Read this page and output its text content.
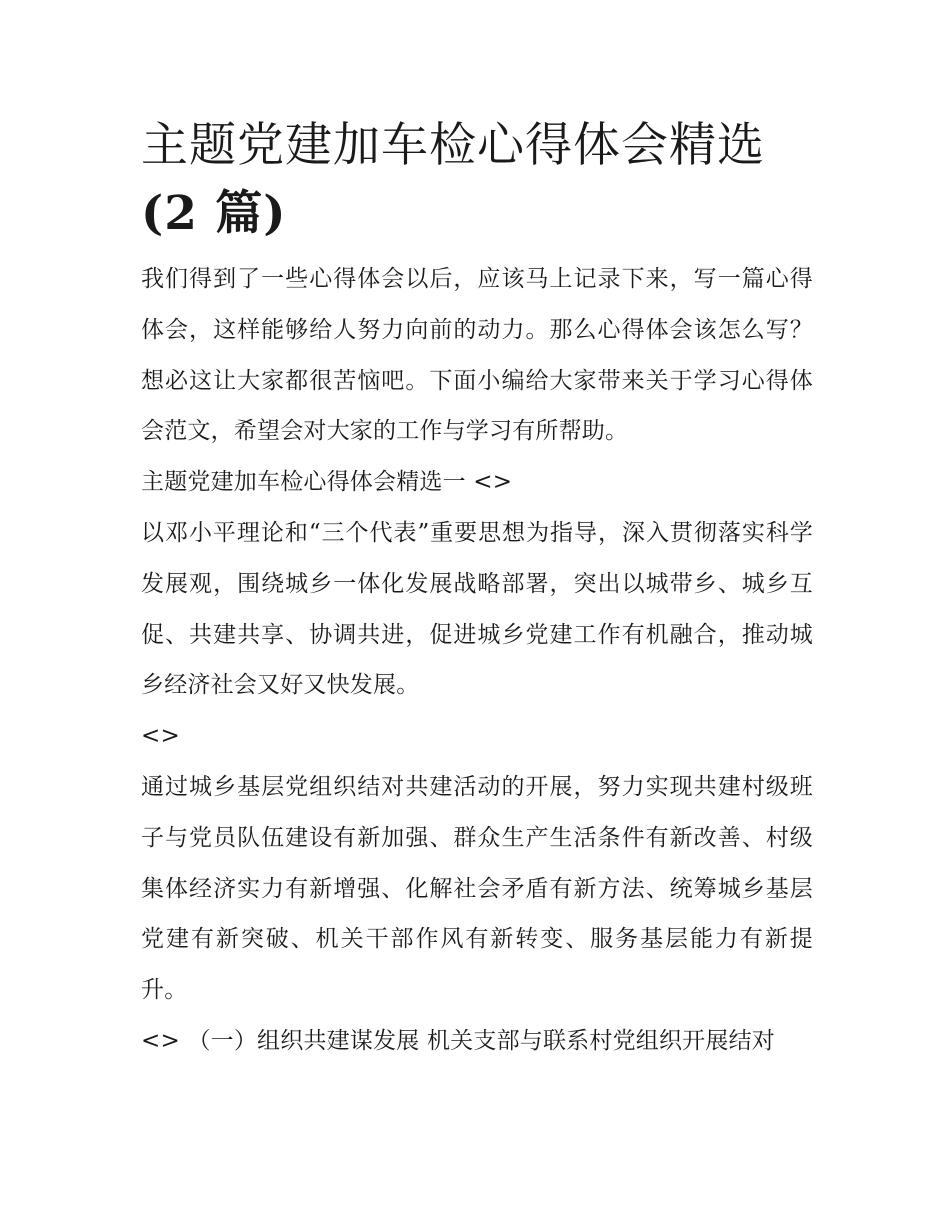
主题党建加车检心得体会精选
(2 篇)

我们得到了一些心得体会以后，应该马上记录下来，写一篇心得体会，这样能够给人努力向前的动力。那么心得体会该怎么写？想必这让大家都很苦恼吧。下面小编给大家带来关于学习心得体会范文，希望会对大家的工作与学习有所帮助。

主题党建加车检心得体会精选一 <>

以邓小平理论和“三个代表”重要思想为指导，深入贯彻落实科学发展观，围绕城乡一体化发展战略部署，突出以城带乡、城乡互促、共建共享、协调共进，促进城乡党建工作有机融合，推动城乡经济社会又好又快发展。

<>

通过城乡基层党组织结对共建活动的开展，努力实现共建村级班子与党员队伍建设有新加强、群众生产生活条件有新改善、村级集体经济实力有新增强、化解社会矛盾有新方法、统筹城乡基层党建有新突破、机关干部作风有新转变、服务基层能力有新提升。

<> （一）组织共建谋发展 机关支部与联系村党组织开展结对
